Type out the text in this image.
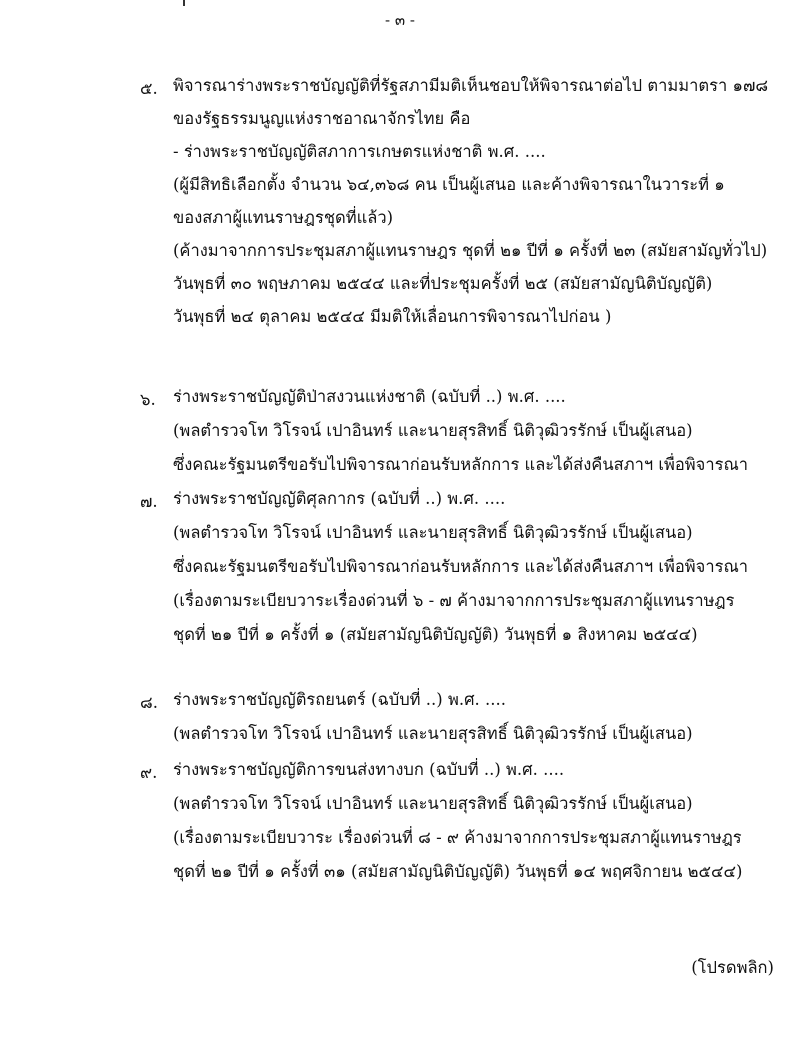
- ๓ -
๕. พิจารณาร่างพระราชบัญญัติที่รัฐสภามีมติเห็นชอบให้พิจารณาต่อไป ตามมาตรา ๑๗๘
ของรัฐธรรมนูญแห่งราชอาณาจักรไทย คือ
- ร่างพระราชบัญญัติสภาการเกษตรแห่งชาติ พ.ศ. ....
(ผู้มีสิทธิเลือกตั้ง จำนวน ๖๔,๓๖๘ คน เป็นผู้เสนอ และค้างพิจารณาในวาระที่ ๑
ของสภาผู้แทนราษฎรชุดที่แล้ว)
(ค้างมาจากการประชุมสภาผู้แทนราษฎร ชุดที่ ๒๑ ปีที่ ๑ ครั้งที่ ๒๓ (สมัยสามัญทั่วไป)
วันพุธที่ ๓๐ พฤษภาคม ๒๕๔๔ และที่ประชุมครั้งที่ ๒๕ (สมัยสามัญนิติบัญญัติ)
วันพุธที่ ๒๔ ตุลาคม ๒๕๔๔ มีมติให้เลื่อนการพิจารณาไปก่อน )
๖.	ร่างพระราชบัญญัติป่าสงวนแห่งชาติ (ฉบับที่ ..) พ.ศ. ....
(พลตำรวจโท วิโรจน์ เปาอินทร์ และนายสุรสิทธิ์ นิติวุฒิวรรักษ์ เป็นผู้เสนอ)
ซึ่งคณะรัฐมนตรีขอรับไปพิจารณาก่อนรับหลักการ และได้ส่งคืนสภาฯ เพื่อพิจารณา
๗. ร่างพระราชบัญญัติศุลกากร (ฉบับที่ ..) พ.ศ. ....
(พลตำรวจโท วิโรจน์ เปาอินทร์ และนายสุรสิทธิ์ นิติวุฒิวรรักษ์ เป็นผู้เสนอ)
ซึ่งคณะรัฐมนตรีขอรับไปพิจารณาก่อนรับหลักการ และได้ส่งคืนสภาฯ เพื่อพิจารณา
(เรื่องตามระเบียบวาระเรื่องด่วนที่ ๖ - ๗ ค้างมาจากการประชุมสภาผู้แทนราษฎร
ชุดที่ ๒๑ ปีที่ ๑ ครั้งที่ ๑ (สมัยสามัญนิติบัญญัติ) วันพุธที่ ๑ สิงหาคม ๒๕๔๔)
๘. ร่างพระราชบัญญัติรถยนตร์ (ฉบับที่ ..) พ.ศ. ....
(พลตำรวจโท วิโรจน์ เปาอินทร์ และนายสุรสิทธิ์ นิติวุฒิวรรักษ์ เป็นผู้เสนอ)
๙. ร่างพระราชบัญญัติการขนส่งทางบก (ฉบับที่ ..) พ.ศ. ....
(พลตำรวจโท วิโรจน์ เปาอินทร์ และนายสุรสิทธิ์ นิติวุฒิวรรักษ์ เป็นผู้เสนอ)
(เรื่องตามระเบียบวาระ เรื่องด่วนที่ ๘ - ๙ ค้างมาจากการประชุมสภาผู้แทนราษฎร
ชุดที่ ๒๑ ปีที่ ๑ ครั้งที่ ๓๑ (สมัยสามัญนิติบัญญัติ) วันพุธที่ ๑๔ พฤศจิกายน ๒๕๔๔)
(โปรดพลิก)
